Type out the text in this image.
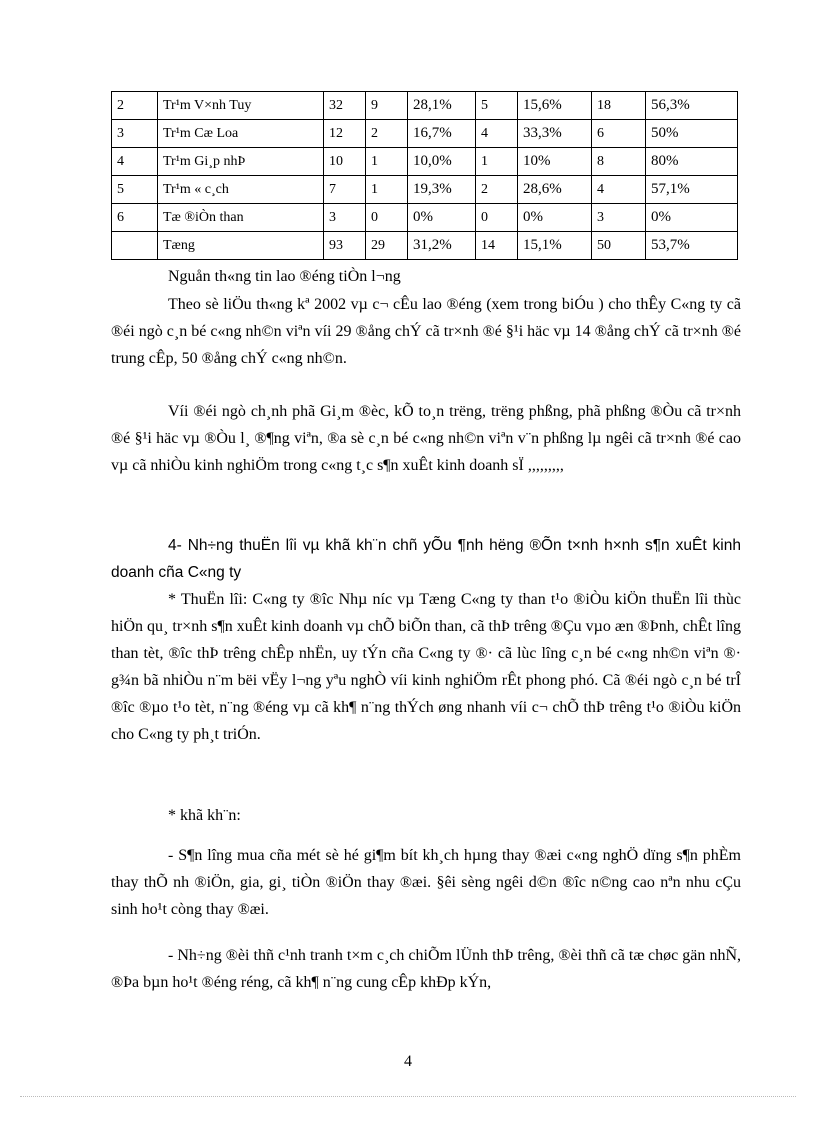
2	Tr¹m V×nh Tuy	32	9	28,1%	5	15,6%	18	56,3%
3	Tr¹m Cæ Loa	12	2	16,7%	4	33,3%	6	50%
4	Tr¹m Gi¸p nhÞ	10	1	10,0%	1	10%	8	80%
5	Tr¹m « c¸ch	7	1	19,3%	2	28,6%	4	57,1%
6	Tæ ®iÒn than	3	0	0%	0	0%	3	0%
	Tæng	93	29	31,2%	14	15,1%	50	53,7%

Nguån th«ng tin lao ®éng tiÒn l¬ng

Theo sè liÖu th«ng kª 2002 vµ c¬ cÊu lao ®éng (xem trong biÓu ) cho thÊy C«ng ty cã ®éi ngò c¸n bé c«ng nh©n viªn víi 29 ®ång chÝ cã tr×nh ®é §¹i häc vµ 14 ®ång chÝ cã tr×nh ®é trung cÊp, 50 ®ång chÝ c«ng nh©n.

Víi ®éi ngò ch¸nh phã Gi¸m ®èc, kÕ to¸n trëng, trëng phßng, phã phßng ®Òu cã tr×nh ®é §¹i häc vµ ®Òu l¸ ®¶ng viªn, ®a sè c¸n bé c«ng nh©n viªn v¨n phßng lµ ngêi cã tr×nh ®é cao vµ cã nhiÒu kinh nghiÖm trong c«ng t¸c s¶n xuÊt kinh doanh sÏ ,,,,,,,,,

4- Nh÷ng thuËn lîi vµ khã kh¨n chñ yÕu ¶nh hëng ®Õn t×nh h×nh s¶n xuÊt kinh doanh cña C«ng ty

* ThuËn lîi: C«ng ty ®îc Nhµ níc vµ Tæng C«ng ty than t¹o ®iÒu kiÖn thuËn lîi thùc hiÖn qu¸ tr×nh s¶n xuÊt kinh doanh vµ chÕ biÕn than, cã thÞ trêng ®Çu vµo æn ®Þnh, chÊt lîng than tèt, ®îc thÞ trêng chÊp nhËn, uy tÝn cña C«ng ty ®· cã lùc lîng c¸n bé c«ng nh©n viªn ®· g¾n bã nhiÒu n¨m bëi vËy l¬ng yªu nghÒ víi kinh nghiÖm rÊt phong phó. Cã ®éi ngò c¸n bé trÎ ®îc ®µo t¹o tèt, n¨ng ®éng vµ cã kh¶ n¨ng thÝch øng nhanh víi c¬ chÕ thÞ trêng t¹o ®iÒu kiÖn cho C«ng ty ph¸t triÓn.

* khã kh¨n:

- S¶n lîng mua cña mét sè hé gi¶m bít kh¸ch hµng thay ®æi c«ng nghÖ dïng s¶n phÈm thay thÕ nh ®iÖn, gia, gi¸ tiÒn ®iÖn thay ®æi. §êi sèng ngêi d©n ®îc n©ng cao nªn nhu cÇu sinh ho¹t còng thay ®æi.

- Nh÷ng ®èi thñ c¹nh tranh t×m c¸ch chiÕm lÜnh thÞ trêng, ®èi thñ cã tæ chøc gän nhÑ, ®Þa bµn ho¹t ®éng réng, cã kh¶ n¨ng cung cÊp khÐp kÝn,

4
